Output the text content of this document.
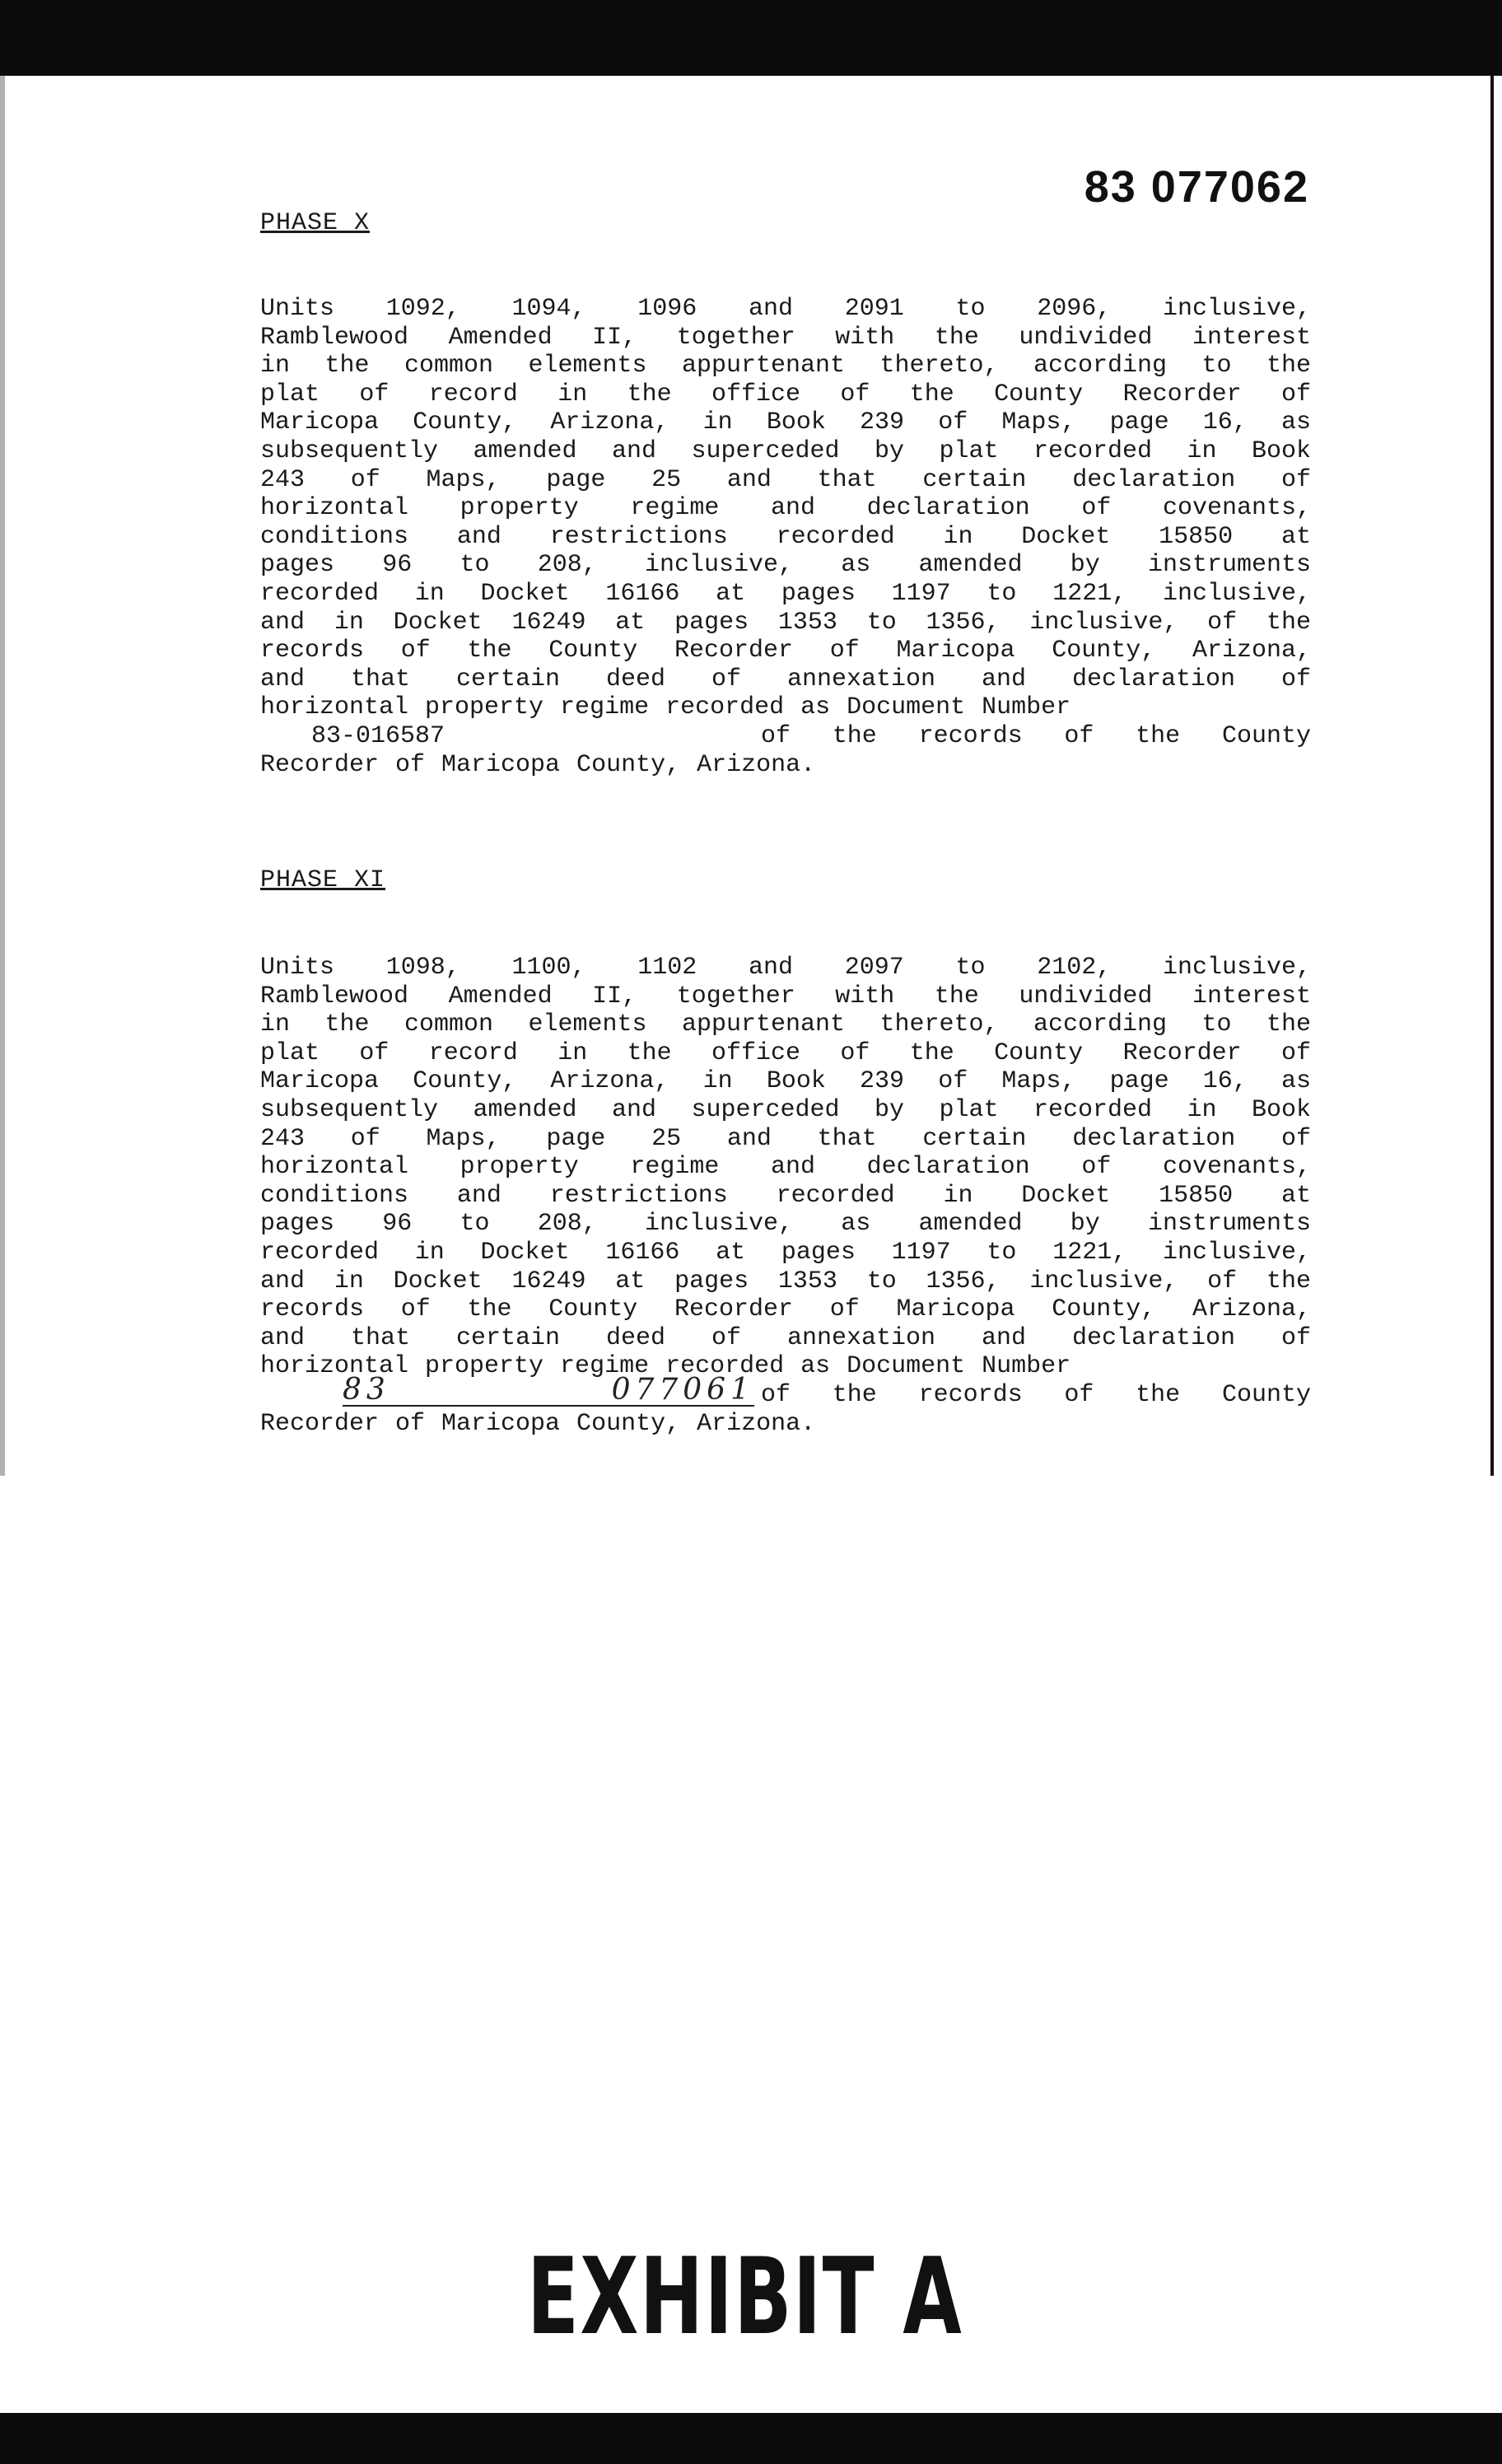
83 077062
PHASE X
Units 1092, 1094, 1096 and 2091 to 2096, inclusive,
Ramblewood Amended II, together with the undivided interest
in the common elements appurtenant thereto, according to the
plat of record in the office of the County Recorder of
Maricopa County, Arizona, in Book 239 of Maps, page 16, as
subsequently amended and superceded by plat recorded in Book
243 of Maps, page 25 and that certain declaration of
horizontal property regime and declaration of covenants,
conditions and restrictions recorded in Docket 15850 at
pages 96 to 208, inclusive, as amended by instruments
recorded in Docket 16166 at pages 1197 to 1221, inclusive,
and in Docket 16249 at pages 1353 to 1356, inclusive, of the
records of the County Recorder of Maricopa County, Arizona,
and that certain deed of annexation and declaration of
horizontal property regime recorded as Document Number
83-016587	of the records of the County
Recorder of Maricopa County, Arizona.
PHASE XI
Units 1098, 1100, 1102 and 2097 to 2102, inclusive,
Ramblewood Amended II, together with the undivided interest
in the common elements appurtenant thereto, according to the
plat of record in the office of the County Recorder of
Maricopa County, Arizona, in Book 239 of Maps, page 16, as
subsequently amended and superceded by plat recorded in Book
243 of Maps, page 25 and that certain declaration of
horizontal property regime and declaration of covenants,
conditions and restrictions recorded in Docket 15850 at
pages 96 to 208, inclusive, as amended by instruments
recorded in Docket 16166 at pages 1197 to 1221, inclusive,
and in Docket 16249 at pages 1353 to 1356, inclusive, of the
records of the County Recorder of Maricopa County, Arizona,
and that certain deed of annexation and declaration of
horizontal property regime recorded as Document Number
83 077061 of the records of the County
Recorder of Maricopa County, Arizona.
EXHIBIT A
